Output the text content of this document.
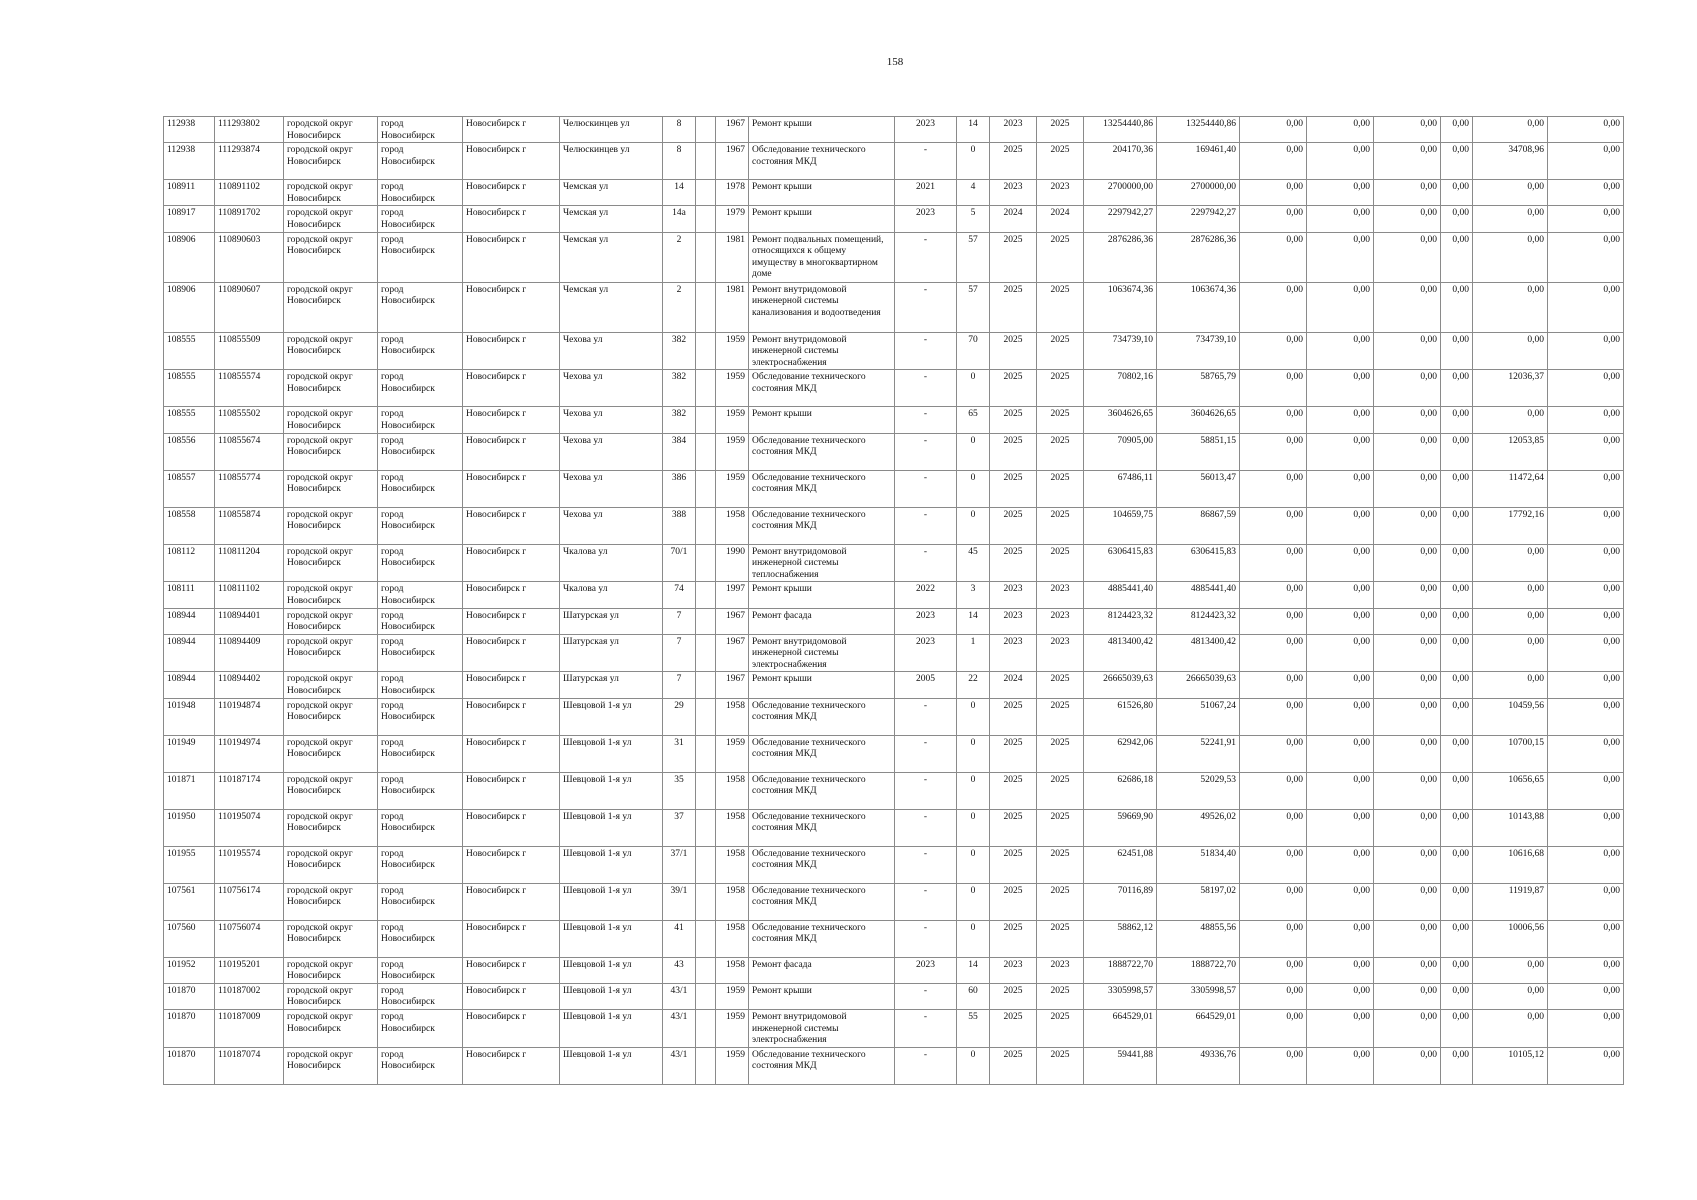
158
112938	111293802	городской округ Новосибирск	город Новосибирск	Новосибирск г	Челюскинцев ул	8		1967	Ремонт крыши	2023	14	2023	2025	13254440,86	13254440,86	0,00	0,00	0,00	0,00	0,00	0,00
112938	111293874	городской округ Новосибирск	город Новосибирск	Новосибирск г	Челюскинцев ул	8		1967	Обследование технического состояния МКД	-	0	2025	2025	204170,36	169461,40	0,00	0,00	0,00	0,00	34708,96	0,00
108911	110891102	городской округ Новосибирск	город Новосибирск	Новосибирск г	Чемская ул	14		1978	Ремонт крыши	2021	4	2023	2023	2700000,00	2700000,00	0,00	0,00	0,00	0,00	0,00	0,00
108917	110891702	городской округ Новосибирск	город Новосибирск	Новосибирск г	Чемская ул	14а		1979	Ремонт крыши	2023	5	2024	2024	2297942,27	2297942,27	0,00	0,00	0,00	0,00	0,00	0,00
108906	110890603	городской округ Новосибирск	город Новосибирск	Новосибирск г	Чемская ул	2		1981	Ремонт подвальных помещений, относящихся к общему имуществу в многоквартирном доме	-	57	2025	2025	2876286,36	2876286,36	0,00	0,00	0,00	0,00	0,00	0,00
108906	110890607	городской округ Новосибирск	город Новосибирск	Новосибирск г	Чемская ул	2		1981	Ремонт внутридомовой инженерной системы канализования и водоотведения	-	57	2025	2025	1063674,36	1063674,36	0,00	0,00	0,00	0,00	0,00	0,00
108555	110855509	городской округ Новосибирск	город Новосибирск	Новосибирск г	Чехова ул	382		1959	Ремонт внутридомовой инженерной системы электроснабжения	-	70	2025	2025	734739,10	734739,10	0,00	0,00	0,00	0,00	0,00	0,00
108555	110855574	городской округ Новосибирск	город Новосибирск	Новосибирск г	Чехова ул	382		1959	Обследование технического состояния МКД	-	0	2025	2025	70802,16	58765,79	0,00	0,00	0,00	0,00	12036,37	0,00
108555	110855502	городской округ Новосибирск	город Новосибирск	Новосибирск г	Чехова ул	382		1959	Ремонт крыши	-	65	2025	2025	3604626,65	3604626,65	0,00	0,00	0,00	0,00	0,00	0,00
108556	110855674	городской округ Новосибирск	город Новосибирск	Новосибирск г	Чехова ул	384		1959	Обследование технического состояния МКД	-	0	2025	2025	70905,00	58851,15	0,00	0,00	0,00	0,00	12053,85	0,00
108557	110855774	городской округ Новосибирск	город Новосибирск	Новосибирск г	Чехова ул	386		1959	Обследование технического состояния МКД	-	0	2025	2025	67486,11	56013,47	0,00	0,00	0,00	0,00	11472,64	0,00
108558	110855874	городской округ Новосибирск	город Новосибирск	Новосибирск г	Чехова ул	388		1958	Обследование технического состояния МКД	-	0	2025	2025	104659,75	86867,59	0,00	0,00	0,00	0,00	17792,16	0,00
108112	110811204	городской округ Новосибирск	город Новосибирск	Новосибирск г	Чкалова ул	70/1		1990	Ремонт внутридомовой инженерной системы теплоснабжения	-	45	2025	2025	6306415,83	6306415,83	0,00	0,00	0,00	0,00	0,00	0,00
108111	110811102	городской округ Новосибирск	город Новосибирск	Новосибирск г	Чкалова ул	74		1997	Ремонт крыши	2022	3	2023	2023	4885441,40	4885441,40	0,00	0,00	0,00	0,00	0,00	0,00
108944	110894401	городской округ Новосибирск	город Новосибирск	Новосибирск г	Шатурская ул	7		1967	Ремонт фасада	2023	14	2023	2023	8124423,32	8124423,32	0,00	0,00	0,00	0,00	0,00	0,00
108944	110894409	городской округ Новосибирск	город Новосибирск	Новосибирск г	Шатурская ул	7		1967	Ремонт внутридомовой инженерной системы электроснабжения	2023	1	2023	2023	4813400,42	4813400,42	0,00	0,00	0,00	0,00	0,00	0,00
108944	110894402	городской округ Новосибирск	город Новосибирск	Новосибирск г	Шатурская ул	7		1967	Ремонт крыши	2005	22	2024	2025	26665039,63	26665039,63	0,00	0,00	0,00	0,00	0,00	0,00
101948	110194874	городской округ Новосибирск	город Новосибирск	Новосибирск г	Шевцовой 1-я ул	29		1958	Обследование технического состояния МКД	-	0	2025	2025	61526,80	51067,24	0,00	0,00	0,00	0,00	10459,56	0,00
101949	110194974	городской округ Новосибирск	город Новосибирск	Новосибирск г	Шевцовой 1-я ул	31		1959	Обследование технического состояния МКД	-	0	2025	2025	62942,06	52241,91	0,00	0,00	0,00	0,00	10700,15	0,00
101871	110187174	городской округ Новосибирск	город Новосибирск	Новосибирск г	Шевцовой 1-я ул	35		1958	Обследование технического состояния МКД	-	0	2025	2025	62686,18	52029,53	0,00	0,00	0,00	0,00	10656,65	0,00
101950	110195074	городской округ Новосибирск	город Новосибирск	Новосибирск г	Шевцовой 1-я ул	37		1958	Обследование технического состояния МКД	-	0	2025	2025	59669,90	49526,02	0,00	0,00	0,00	0,00	10143,88	0,00
101955	110195574	городской округ Новосибирск	город Новосибирск	Новосибирск г	Шевцовой 1-я ул	37/1		1958	Обследование технического состояния МКД	-	0	2025	2025	62451,08	51834,40	0,00	0,00	0,00	0,00	10616,68	0,00
107561	110756174	городской округ Новосибирск	город Новосибирск	Новосибирск г	Шевцовой 1-я ул	39/1		1958	Обследование технического состояния МКД	-	0	2025	2025	70116,89	58197,02	0,00	0,00	0,00	0,00	11919,87	0,00
107560	110756074	городской округ Новосибирск	город Новосибирск	Новосибирск г	Шевцовой 1-я ул	41		1958	Обследование технического состояния МКД	-	0	2025	2025	58862,12	48855,56	0,00	0,00	0,00	0,00	10006,56	0,00
101952	110195201	городской округ Новосибирск	город Новосибирск	Новосибирск г	Шевцовой 1-я ул	43		1958	Ремонт фасада	2023	14	2023	2023	1888722,70	1888722,70	0,00	0,00	0,00	0,00	0,00	0,00
101870	110187002	городской округ Новосибирск	город Новосибирск	Новосибирск г	Шевцовой 1-я ул	43/1		1959	Ремонт крыши	-	60	2025	2025	3305998,57	3305998,57	0,00	0,00	0,00	0,00	0,00	0,00
101870	110187009	городской округ Новосибирск	город Новосибирск	Новосибирск г	Шевцовой 1-я ул	43/1		1959	Ремонт внутридомовой инженерной системы электроснабжения	-	55	2025	2025	664529,01	664529,01	0,00	0,00	0,00	0,00	0,00	0,00
101870	110187074	городской округ Новосибирск	город Новосибирск	Новосибирск г	Шевцовой 1-я ул	43/1		1959	Обследование технического состояния МКД	-	0	2025	2025	59441,88	49336,76	0,00	0,00	0,00	0,00	10105,12	0,00
